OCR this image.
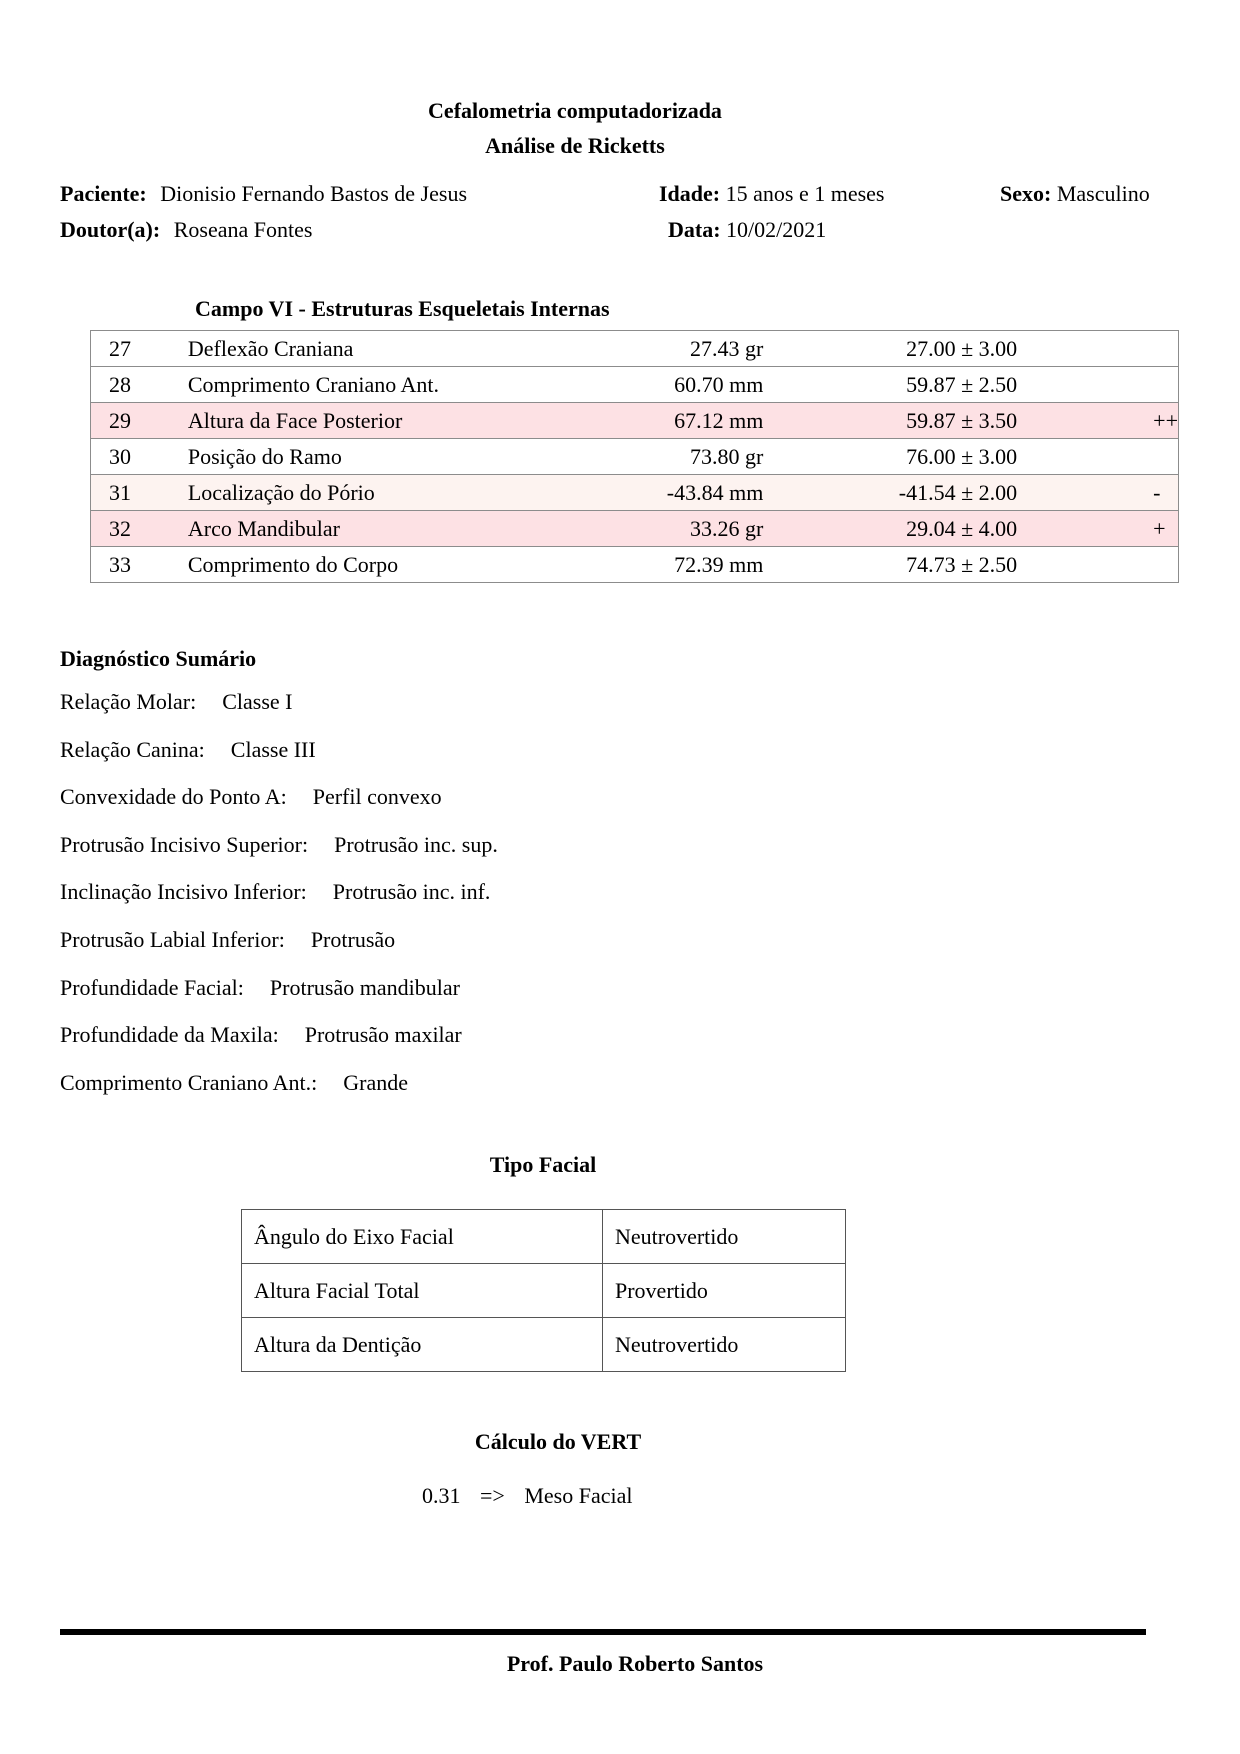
Cefalometria computadorizada
Análise de Ricketts
Paciente: Dionisio Fernando Bastos de Jesus	Idade: 15 anos e 1 meses	Sexo: Masculino
Doutor(a): Roseana Fontes	Data: 10/02/2021
Campo VI - Estruturas Esqueletais Internas
27	Deflexão Craniana	27.43 gr	27.00 ± 3.00	
28	Comprimento Craniano Ant.	60.70 mm	59.87 ± 2.50	
29	Altura da Face Posterior	67.12 mm	59.87 ± 3.50	++
30	Posição do Ramo	73.80 gr	76.00 ± 3.00	
31	Localização do Pório	-43.84 mm	-41.54 ± 2.00	-
32	Arco Mandibular	33.26 gr	29.04 ± 4.00	+
33	Comprimento do Corpo	72.39 mm	74.73 ± 2.50	
Diagnóstico Sumário
Relação Molar: Classe I
Relação Canina: Classe III
Convexidade do Ponto A: Perfil convexo
Protrusão Incisivo Superior: Protrusão inc. sup.
Inclinação Incisivo Inferior: Protrusão inc. inf.
Protrusão Labial Inferior: Protrusão
Profundidade Facial: Protrusão mandibular
Profundidade da Maxila: Protrusão maxilar
Comprimento Craniano Ant.: Grande
Tipo Facial
Ângulo do Eixo Facial	Neutrovertido
Altura Facial Total	Provertido
Altura da Dentição	Neutrovertido
Cálculo do VERT
0.31 => Meso Facial
Prof. Paulo Roberto Santos
